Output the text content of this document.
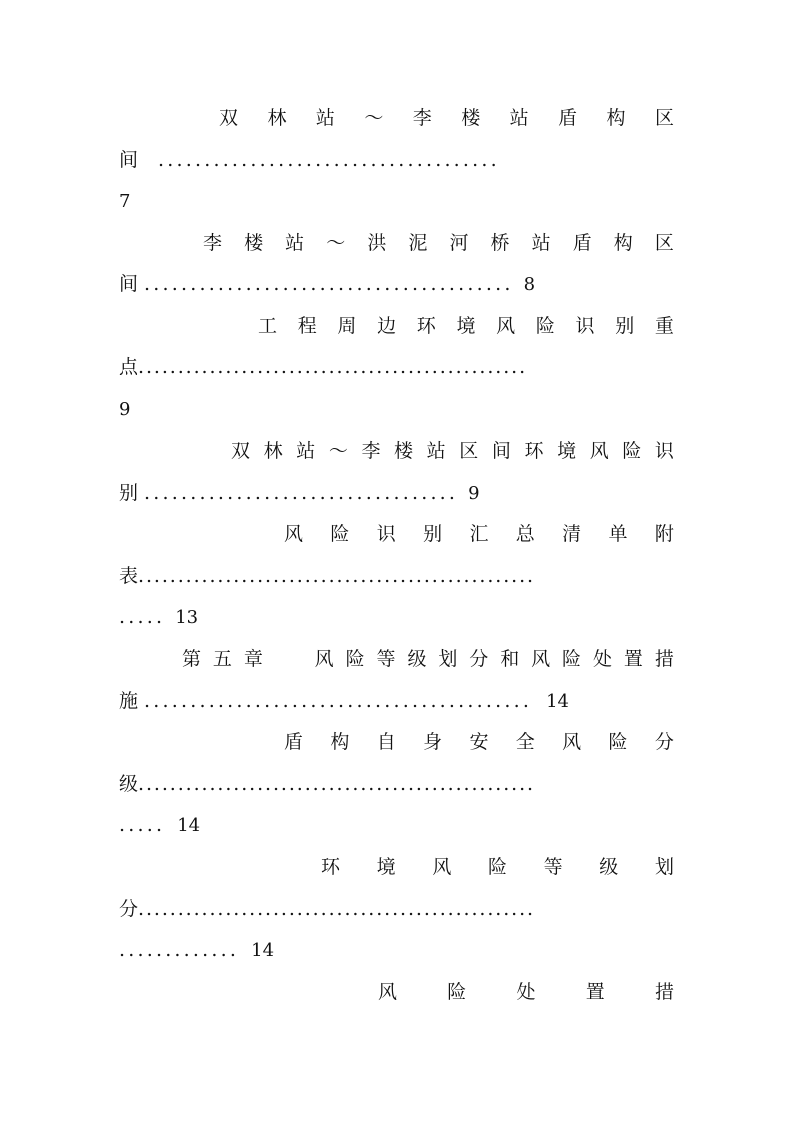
双 林 站 ～ 李 楼 站 盾 构 区
间 .....................................
7
李 楼 站 ～ 洪 泥 河 桥 站 盾 构 区
间 ........................................ 8
工 程 周 边 环 境 风 险 识 别 重
点.................................................
9
双 林 站 ～ 李 楼 站 区 间 环 境 风 险 识
别 .................................. 9
风 险 识 别 汇 总 清 单 附
表..................................................
..... 13
第 五 章	风 险 等 级 划 分 和 风 险 处 置 措
施 .......................................... 14
盾 构 自 身 安 全 风 险 分
级..................................................
..... 14
环 境 风 险 等 级 划
分..................................................
............. 14
风	险	处	置	措
